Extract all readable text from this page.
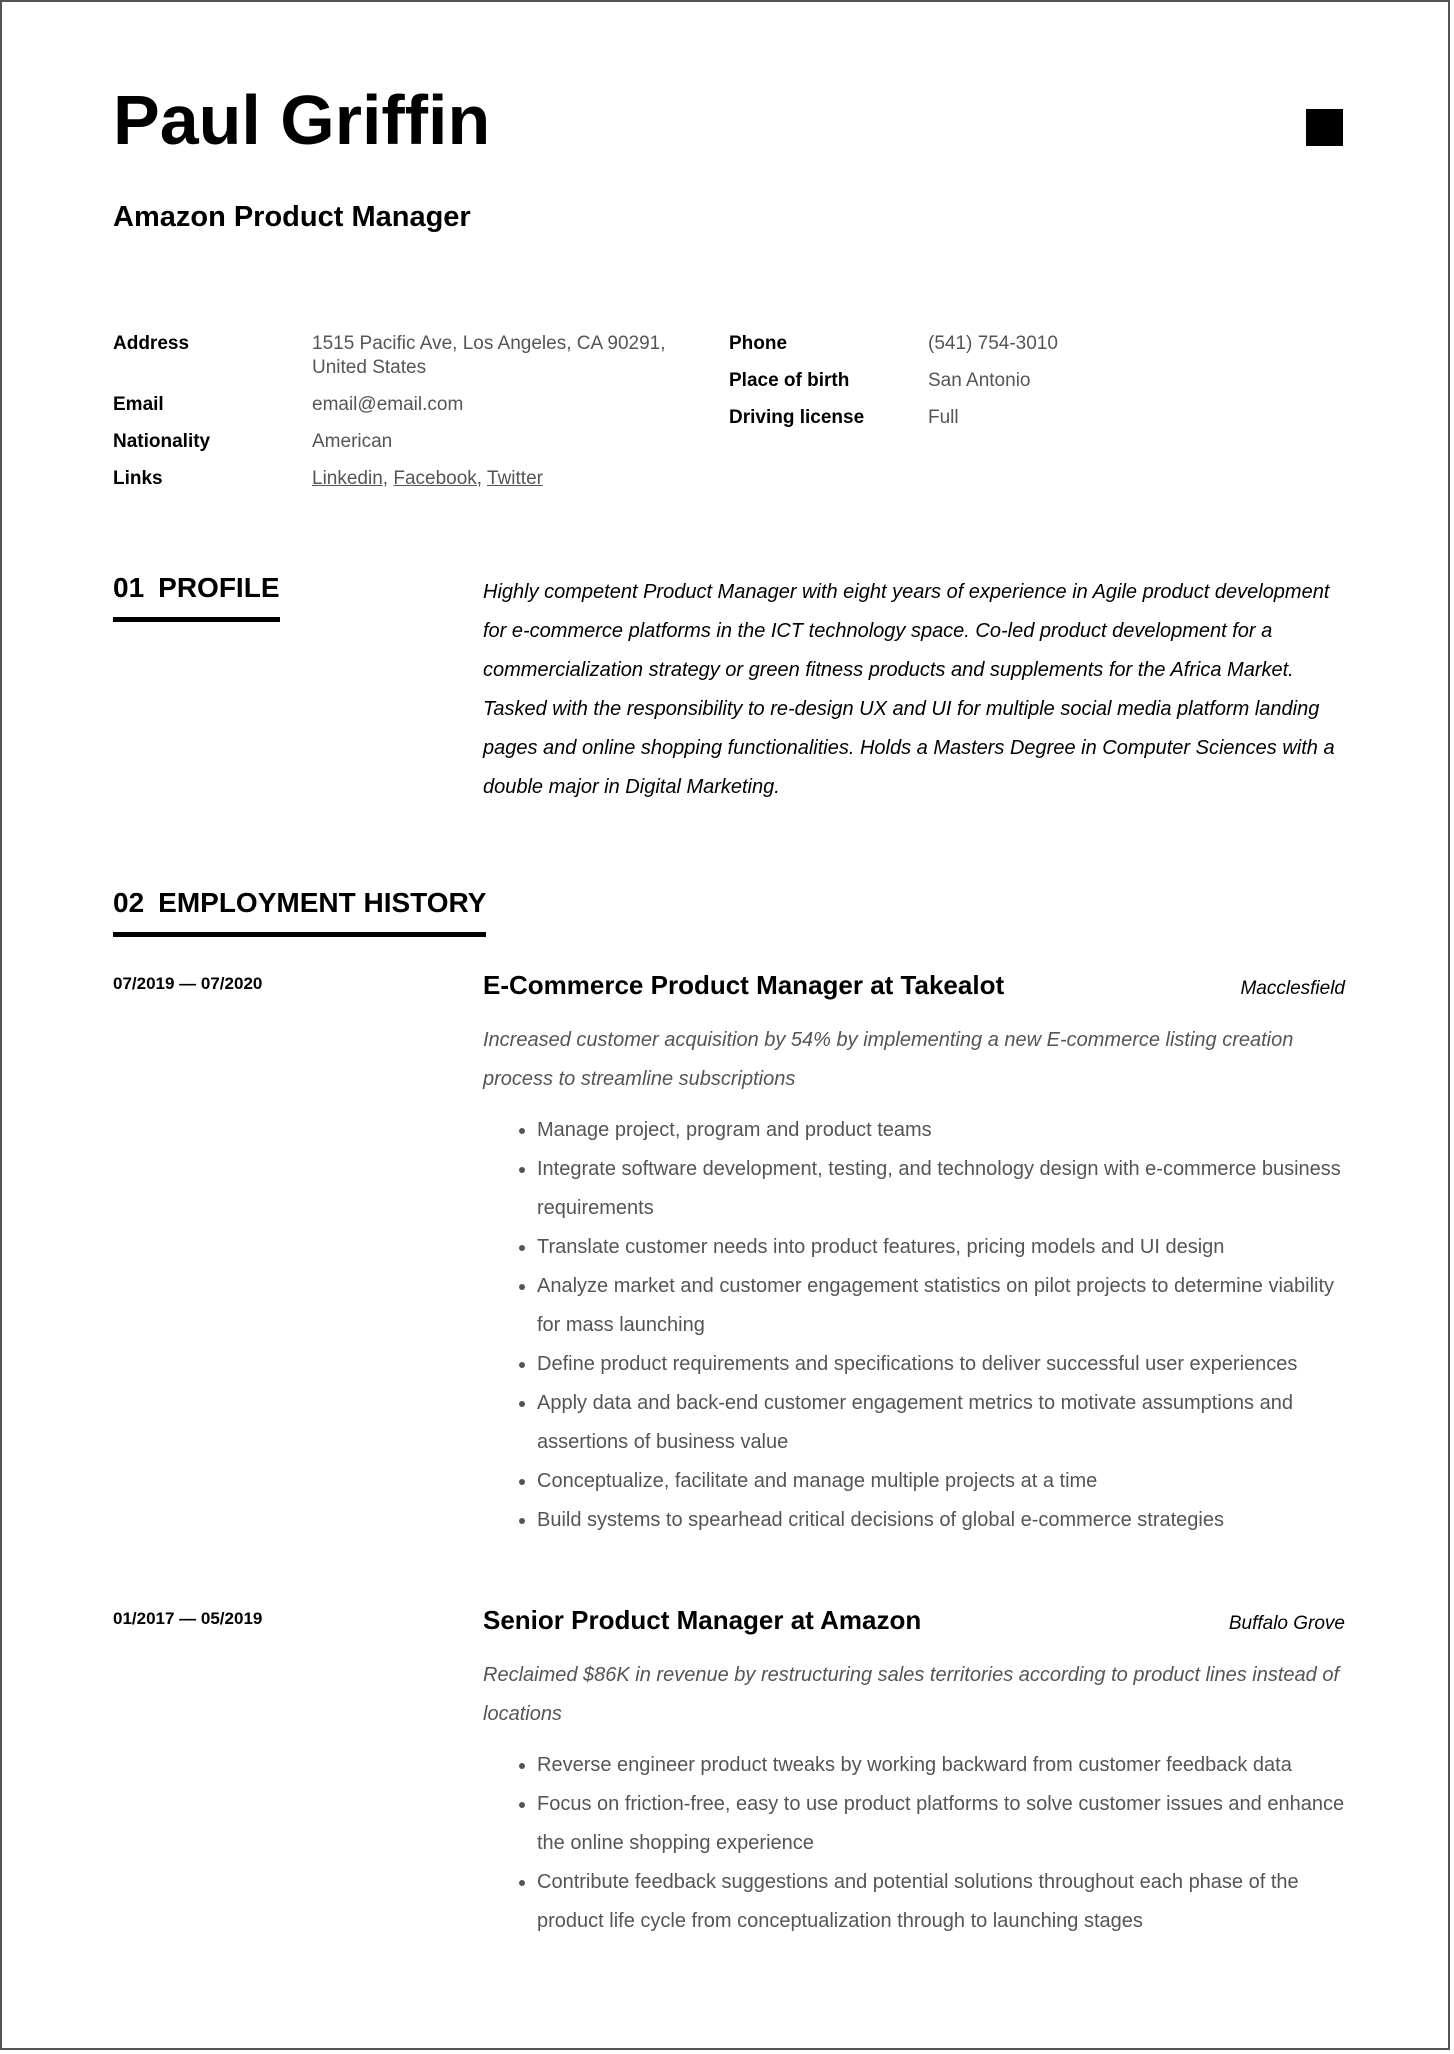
Paul Griffin
Amazon Product Manager
Address	1515 Pacific Ave, Los Angeles, CA 90291, United States
Email	email@email.com
Nationality	American
Links	Linkedin, Facebook, Twitter
Phone	(541) 754-3010
Place of birth	San Antonio
Driving license	Full
01 PROFILE	Highly competent Product Manager with eight years of experience in Agile product development for e-commerce platforms in the ICT technology space. Co-led product development for a commercialization strategy or green fitness products and supplements for the Africa Market. Tasked with the responsibility to re-design UX and UI for multiple social media platform landing pages and online shopping functionalities. Holds a Masters Degree in Computer Sciences with a double major in Digital Marketing.

02 EMPLOYMENT HISTORY
07/2019 — 07/2020	E-Commerce Product Manager at Takealot	Macclesfield

Increased customer acquisition by 54% by implementing a new E-commerce listing creation process to streamline subscriptions

• Manage project, program and product teams
• Integrate software development, testing, and technology design with e-commerce business requirements
• Translate customer needs into product features, pricing models and UI design
• Analyze market and customer engagement statistics on pilot projects to determine viability for mass launching
• Define product requirements and specifications to deliver successful user experiences
• Apply data and back-end customer engagement metrics to motivate assumptions and assertions of business value
• Conceptualize, facilitate and manage multiple projects at a time
• Build systems to spearhead critical decisions of global e-commerce strategies
01/2017 — 05/2019	Senior Product Manager at Amazon	Buffalo Grove

Reclaimed $86K in revenue by restructuring sales territories according to product lines instead of locations

• Reverse engineer product tweaks by working backward from customer feedback data
• Focus on friction-free, easy to use product platforms to solve customer issues and enhance the online shopping experience
• Contribute feedback suggestions and potential solutions throughout each phase of the product life cycle from conceptualization through to launching stages
